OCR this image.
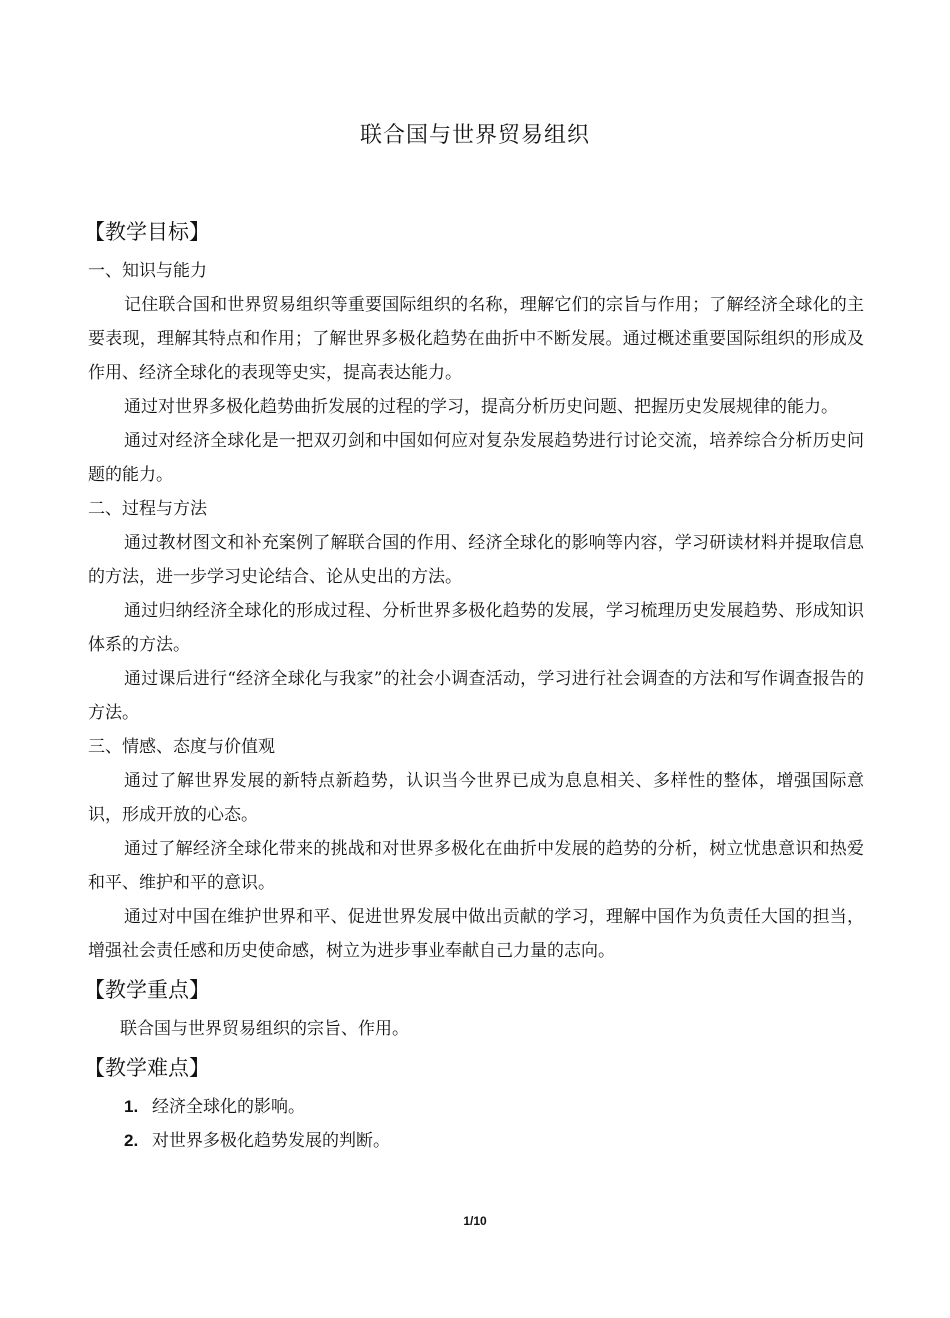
联合国与世界贸易组织

【教学目标】

一、知识与能力

记住联合国和世界贸易组织等重要国际组织的名称，理解它们的宗旨与作用；了解经济全球化的主要表现，理解其特点和作用；了解世界多极化趋势在曲折中不断发展。通过概述重要国际组织的形成及作用、经济全球化的表现等史实，提高表达能力。

通过对世界多极化趋势曲折发展的过程的学习，提高分析历史问题、把握历史发展规律的能力。

通过对经济全球化是一把双刃剑和中国如何应对复杂发展趋势进行讨论交流，培养综合分析历史问题的能力。

二、过程与方法

通过教材图文和补充案例了解联合国的作用、经济全球化的影响等内容，学习研读材料并提取信息的方法，进一步学习史论结合、论从史出的方法。

通过归纳经济全球化的形成过程、分析世界多极化趋势的发展，学习梳理历史发展趋势、形成知识体系的方法。

通过课后进行“经济全球化与我家”的社会小调查活动，学习进行社会调查的方法和写作调查报告的方法。

三、情感、态度与价值观

通过了解世界发展的新特点新趋势，认识当今世界已成为息息相关、多样性的整体，增强国际意识，形成开放的心态。

通过了解经济全球化带来的挑战和对世界多极化在曲折中发展的趋势的分析，树立忧患意识和热爱和平、维护和平的意识。

通过对中国在维护世界和平、促进世界发展中做出贡献的学习，理解中国作为负责任大国的担当，增强社会责任感和历史使命感，树立为进步事业奉献自己力量的志向。

【教学重点】

联合国与世界贸易组织的宗旨、作用。

【教学难点】

1. 经济全球化的影响。
2. 对世界多极化趋势发展的判断。
1/10
